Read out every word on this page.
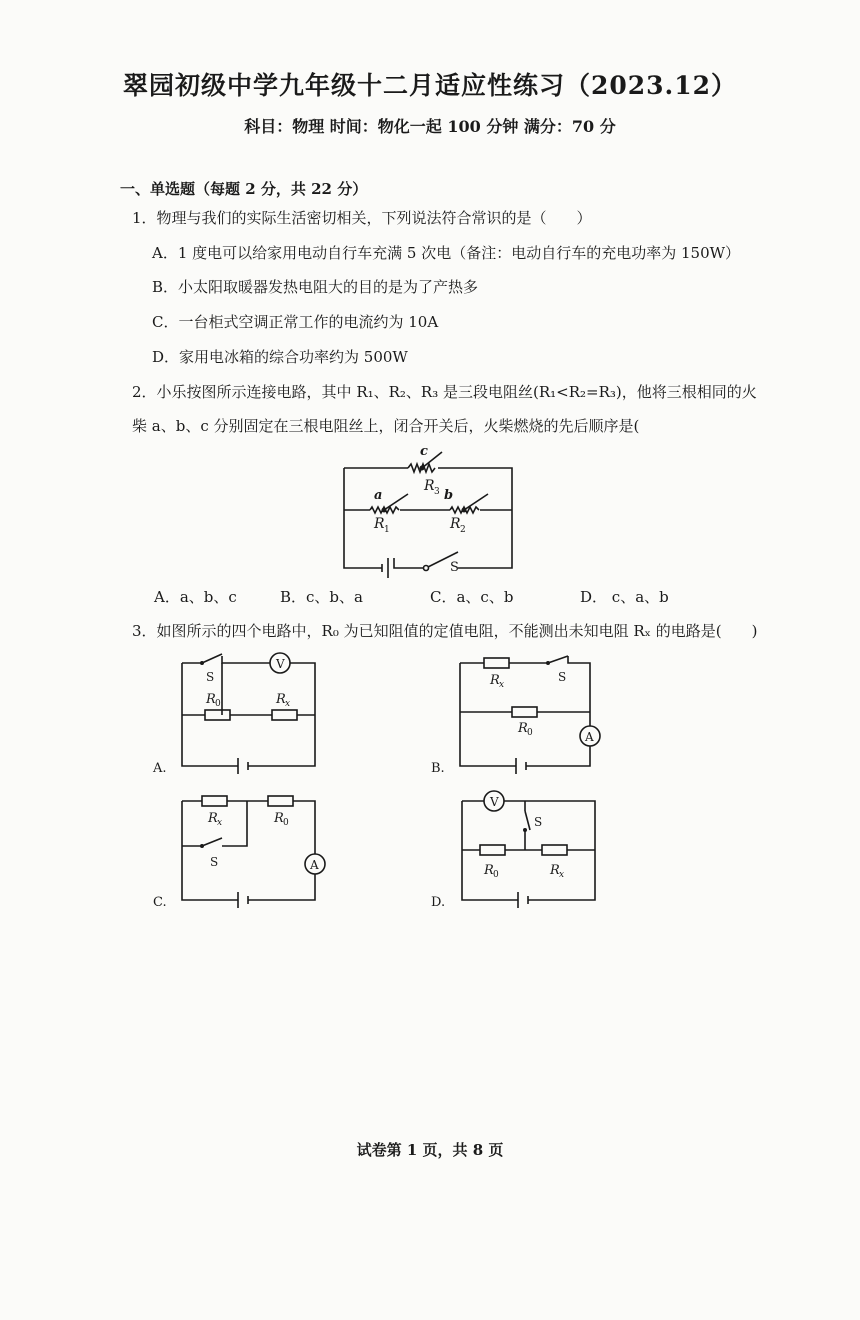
翠园初级中学九年级十二月适应性练习（2023.12）
科目：物理 时间：物化一起 100 分钟 满分：70 分
一、单选题（每题 2 分，共 22 分）
1．物理与我们的实际生活密切相关，下列说法符合常识的是（　　）
A．1 度电可以给家用电动自行车充满 5 次电（备注：电动自行车的充电功率为 150W）
B．小太阳取暖器发热电阻大的目的是为了产热多
C．一台柜式空调正常工作的电流约为 10A
D．家用电冰箱的综合功率约为 500W
2．小乐按图所示连接电路，其中 R₁、R₂、R₃ 是三段电阻丝(R₁<R₂=R₃)，他将三根相同的火
柴 a、b、c 分别固定在三根电阻丝上，闭合开关后，火柴燃烧的先后顺序是(
c
R 3
a	b
R 1	R 2
S
A．a、b、c	B．c、b、a	C．a、c、b	D． c、a、b
3．如图所示的四个电路中，R₀ 为已知阻值的定值电阻，不能测出未知电阻 Rₓ 的电路是(　　)
V
S
R 0	R x
A.
A
S
R x
R 0
B.
A
S
R x	R 0
C.
V
S
R 0	R x
D.
试卷第 1 页，共 8 页
